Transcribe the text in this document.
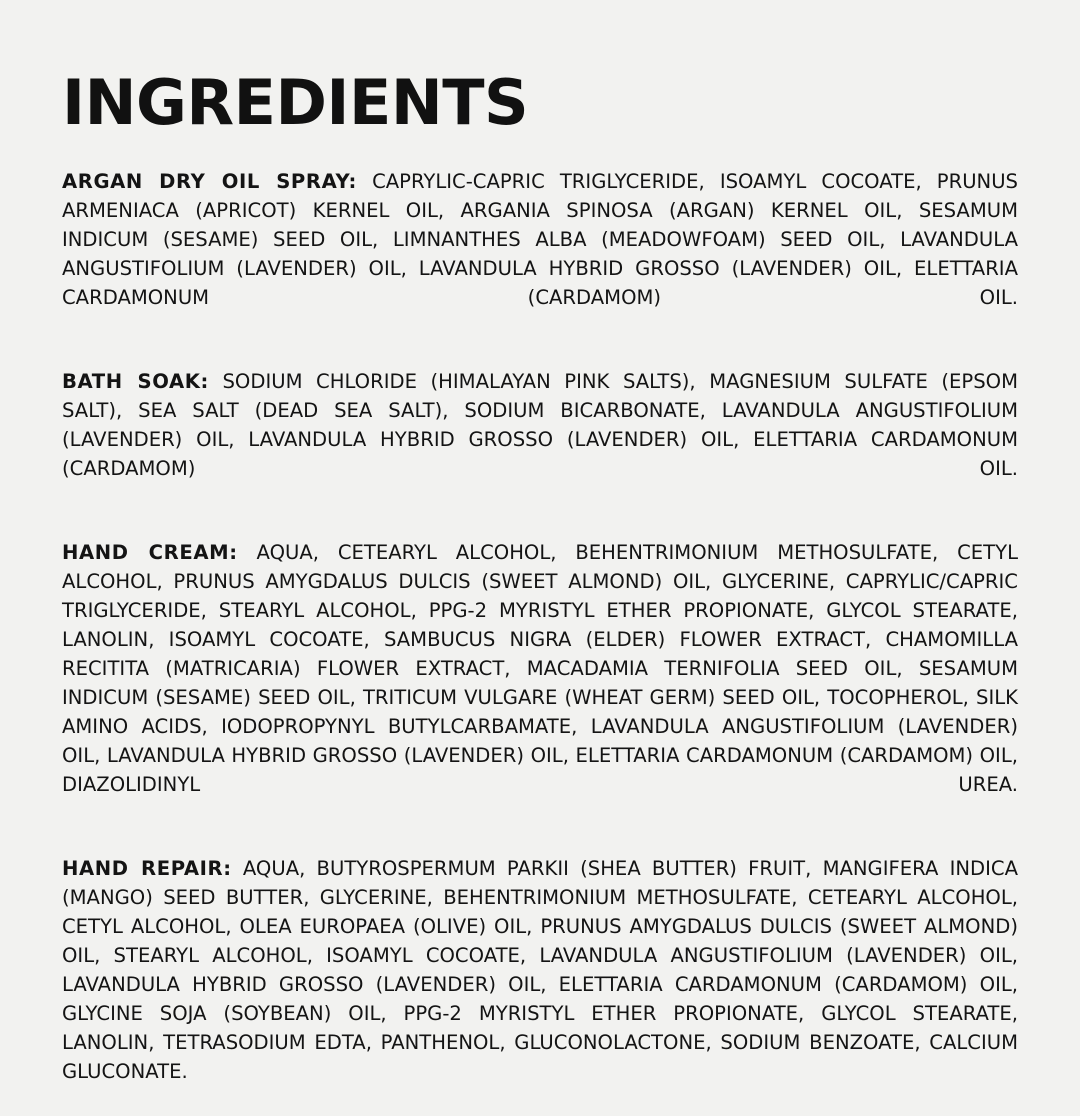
INGREDIENTS

ARGAN DRY OIL SPRAY: CAPRYLIC-CAPRIC TRIGLYCERIDE, ISOAMYL COCOATE, PRUNUS ARMENIACA (APRICOT) KERNEL OIL, ARGANIA SPINOSA (ARGAN) KERNEL OIL, SESAMUM INDICUM (SESAME) SEED OIL, LIMNANTHES ALBA (MEADOWFOAM) SEED OIL, LAVANDULA ANGUSTIFOLIUM (LAVENDER) OIL, LAVANDULA HYBRID GROSSO (LAVENDER) OIL, ELETTARIA CARDAMONUM (CARDAMOM) OIL.

BATH SOAK: SODIUM CHLORIDE (HIMALAYAN PINK SALTS), MAGNESIUM SULFATE (EPSOM SALT), SEA SALT (DEAD SEA SALT), SODIUM BICARBONATE, LAVANDULA ANGUSTIFOLIUM (LAVENDER) OIL, LAVANDULA HYBRID GROSSO (LAVENDER) OIL, ELETTARIA CARDAMONUM (CARDAMOM) OIL.

HAND CREAM: AQUA, CETEARYL ALCOHOL, BEHENTRIMONIUM METHOSULFATE, CETYL ALCOHOL, PRUNUS AMYGDALUS DULCIS (SWEET ALMOND) OIL, GLYCERINE, CAPRYLIC/CAPRIC TRIGLYCERIDE, STEARYL ALCOHOL, PPG-2 MYRISTYL ETHER PROPIONATE, GLYCOL STEARATE, LANOLIN, ISOAMYL COCOATE, SAMBUCUS NIGRA (ELDER) FLOWER EXTRACT, CHAMOMILLA RECITITA (MATRICARIA) FLOWER EXTRACT, MACADAMIA TERNIFOLIA SEED OIL, SESAMUM INDICUM (SESAME) SEED OIL, TRITICUM VULGARE (WHEAT GERM) SEED OIL, TOCOPHEROL, SILK AMINO ACIDS, IODOPROPYNYL BUTYLCARBAMATE, LAVANDULA ANGUSTIFOLIUM (LAVENDER) OIL, LAVANDULA HYBRID GROSSO (LAVENDER) OIL, ELETTARIA CARDAMONUM (CARDAMOM) OIL, DIAZOLIDINYL UREA.

HAND REPAIR: AQUA, BUTYROSPERMUM PARKII (SHEA BUTTER) FRUIT, MANGIFERA INDICA (MANGO) SEED BUTTER, GLYCERINE, BEHENTRIMONIUM METHOSULFATE, CETEARYL ALCOHOL, CETYL ALCOHOL, OLEA EUROPAEA (OLIVE) OIL, PRUNUS AMYGDALUS DULCIS (SWEET ALMOND) OIL, STEARYL ALCOHOL, ISOAMYL COCOATE, LAVANDULA ANGUSTIFOLIUM (LAVENDER) OIL, LAVANDULA HYBRID GROSSO (LAVENDER) OIL, ELETTARIA CARDAMONUM (CARDAMOM) OIL, GLYCINE SOJA (SOYBEAN) OIL, PPG-2 MYRISTYL ETHER PROPIONATE, GLYCOL STEARATE, LANOLIN, TETRASODIUM EDTA, PANTHENOL, GLUCONOLACTONE, SODIUM BENZOATE, CALCIUM GLUCONATE.
